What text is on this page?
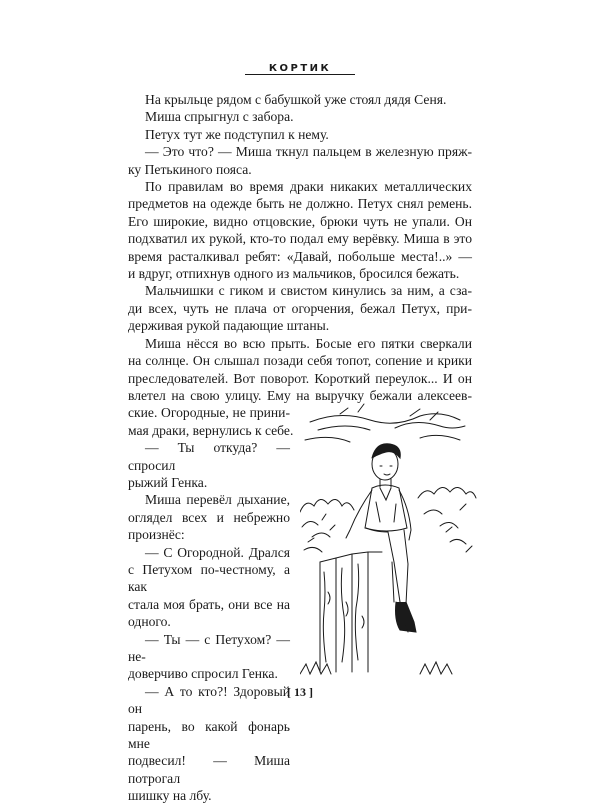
КОРТИК
На крыльце рядом с бабушкой уже стоял дядя Сеня.
Миша спрыгнул с забора.
Петух тут же подступил к нему.
— Это что? — Миша ткнул пальцем в железную пряж-
ку Петькиного пояса.
По правилам во время драки никаких металлических
предметов на одежде быть не должно. Петух снял ремень.
Его широкие, видно отцовские, брюки чуть не упали. Он
подхватил их рукой, кто-то подал ему верёвку. Миша в это
время расталкивал ребят: «Давай, побольше места!..» —
и вдруг, отпихнув одного из мальчиков, бросился бежать.
Мальчишки с гиком и свистом кинулись за ним, а сза-
ди всех, чуть не плача от огорчения, бежал Петух, при-
держивая рукой падающие штаны.
Миша нёсся во всю прыть. Босые его пятки сверкали
на солнце. Он слышал позади себя топот, сопение и крики
преследователей. Вот поворот. Короткий переулок... И он
влетел на свою улицу. Ему на выручку бежали алексеев-
ские. Огородные, не прини-
мая драки, вернулись к себе.
— Ты откуда? — спросил
рыжий Генка.
Миша перевёл дыхание,
оглядел всех и небрежно
произнёс:
— С Огородной. Дрался
с Петухом по-честному, а как
стала моя брать, они все на
одного.
— Ты — с Петухом? — не-
доверчиво спросил Генка.
— А то кто?! Здоровый он
парень, во какой фонарь мне
подвесил! — Миша потрогал
шишку на лбу.
[ 13 ]
